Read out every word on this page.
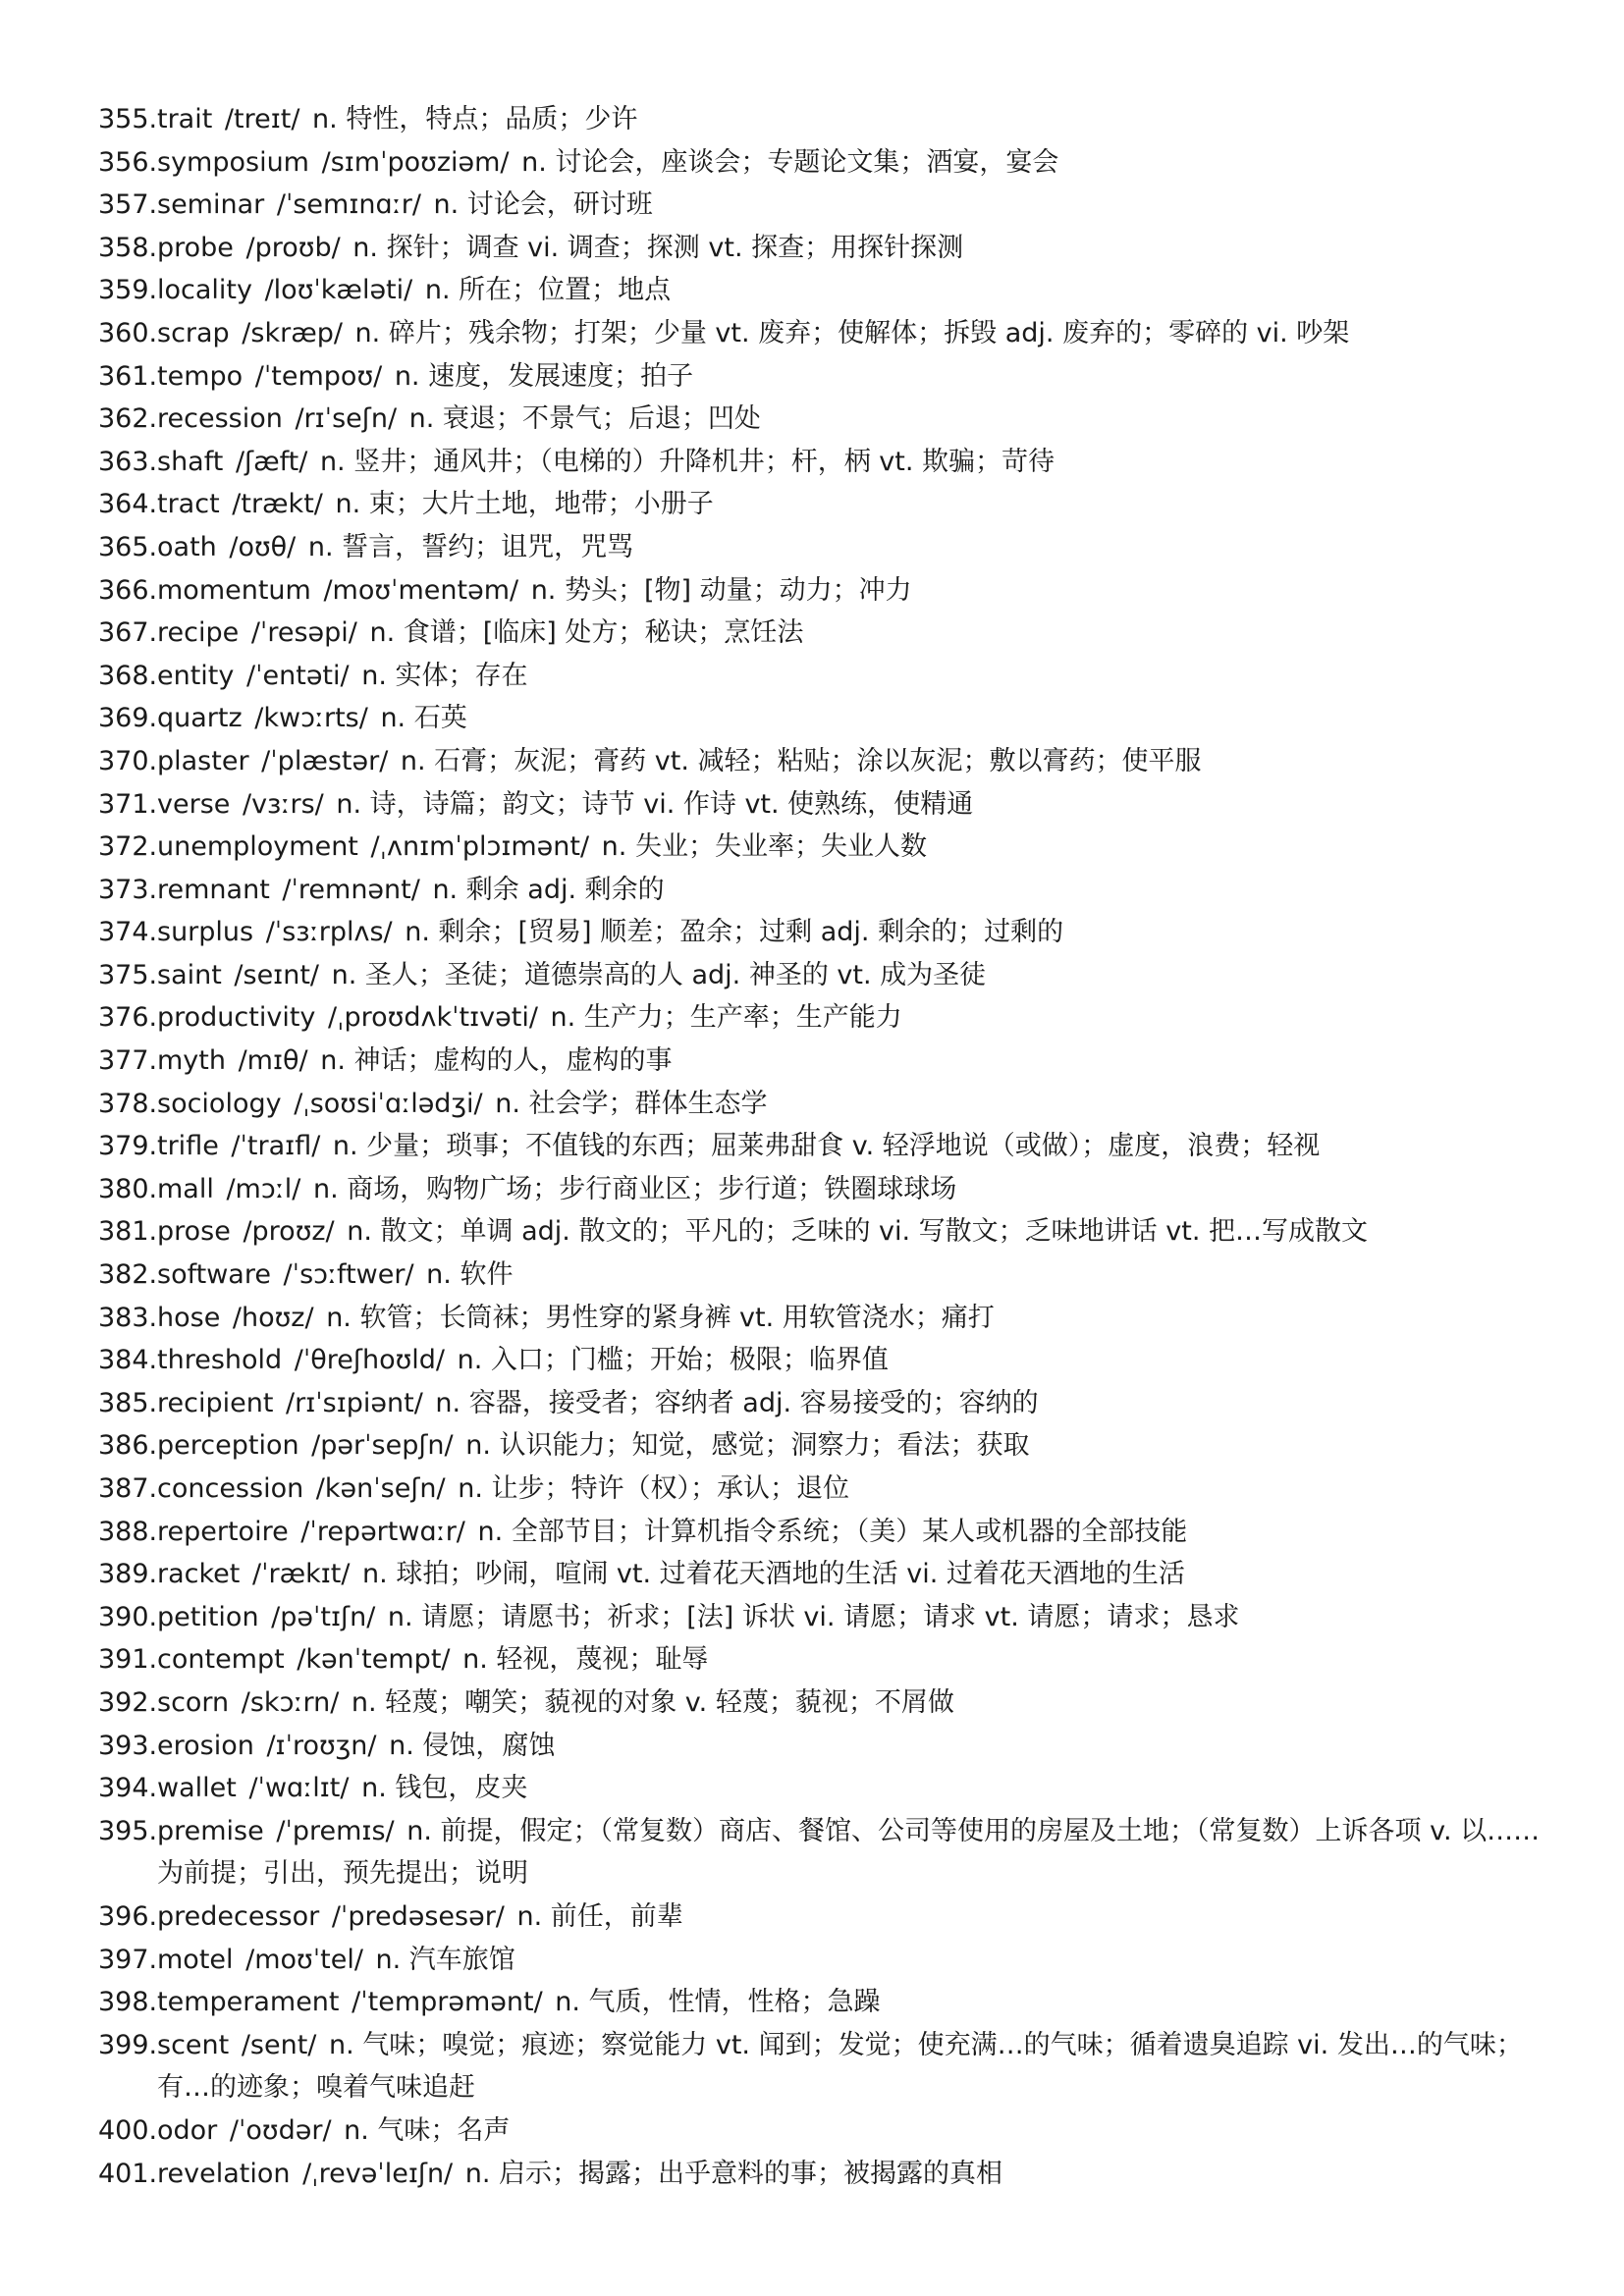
355. trait /treɪt/ n. 特性，特点；品质；少许
356. symposium /sɪmˈpoʊziəm/ n. 讨论会，座谈会；专题论文集；酒宴，宴会
357. seminar /ˈsemɪnɑːr/ n. 讨论会，研讨班
358. probe /proʊb/ n. 探针；调查 vi. 调查；探测 vt. 探查；用探针探测
359. locality /loʊˈkæləti/ n. 所在；位置；地点
360. scrap /skræp/ n. 碎片；残余物；打架；少量 vt. 废弃；使解体；拆毁 adj. 废弃的；零碎的 vi. 吵架
361. tempo /ˈtempoʊ/ n. 速度，发展速度；拍子
362. recession /rɪˈseʃn/ n. 衰退；不景气；后退；凹处
363. shaft /ʃæft/ n. 竖井；通风井；（电梯的）升降机井；杆，柄 vt. 欺骗；苛待
364. tract /trækt/ n. 束；大片土地，地带；小册子
365. oath /oʊθ/ n. 誓言，誓约；诅咒，咒骂
366. momentum /moʊˈmentəm/ n. 势头；[物] 动量；动力；冲力
367. recipe /ˈresəpi/ n. 食谱；[临床] 处方；秘诀；烹饪法
368. entity /ˈentəti/ n. 实体；存在
369. quartz /kwɔːrts/ n. 石英
370. plaster /ˈplæstər/ n. 石膏；灰泥；膏药 vt. 减轻；粘贴；涂以灰泥；敷以膏药；使平服
371. verse /vɜːrs/ n. 诗，诗篇；韵文；诗节 vi. 作诗 vt. 使熟练，使精通
372. unemployment /ˌʌnɪmˈplɔɪmənt/ n. 失业；失业率；失业人数
373. remnant /ˈremnənt/ n. 剩余 adj. 剩余的
374. surplus /ˈsɜːrplʌs/ n. 剩余；[贸易] 顺差；盈余；过剩 adj. 剩余的；过剩的
375. saint /seɪnt/ n. 圣人；圣徒；道德崇高的人 adj. 神圣的 vt. 成为圣徒
376. productivity /ˌproʊdʌkˈtɪvəti/ n. 生产力；生产率；生产能力
377. myth /mɪθ/ n. 神话；虚构的人，虚构的事
378. sociology /ˌsoʊsiˈɑːlədʒi/ n. 社会学；群体生态学
379. trifle /ˈtraɪfl/ n. 少量；琐事；不值钱的东西；屈莱弗甜食 v. 轻浮地说（或做）；虚度，浪费；轻视
380. mall /mɔːl/ n. 商场，购物广场；步行商业区；步行道；铁圈球球场
381. prose /proʊz/ n. 散文；单调 adj. 散文的；平凡的；乏味的 vi. 写散文；乏味地讲话 vt. 把…写成散文
382. software /ˈsɔːftwer/ n. 软件
383. hose /hoʊz/ n. 软管；长筒袜；男性穿的紧身裤 vt. 用软管浇水；痛打
384. threshold /ˈθreʃhoʊld/ n. 入口；门槛；开始；极限；临界值
385. recipient /rɪˈsɪpiənt/ n. 容器，接受者；容纳者 adj. 容易接受的；容纳的
386. perception /pərˈsepʃn/ n. 认识能力；知觉，感觉；洞察力；看法；获取
387. concession /kənˈseʃn/ n. 让步；特许（权）；承认；退位
388. repertoire /ˈrepərtwɑːr/ n. 全部节目；计算机指令系统；（美）某人或机器的全部技能
389. racket /ˈrækɪt/ n. 球拍；吵闹，喧闹 vt. 过着花天酒地的生活 vi. 过着花天酒地的生活
390. petition /pəˈtɪʃn/ n. 请愿；请愿书；祈求；[法] 诉状 vi. 请愿；请求 vt. 请愿；请求；恳求
391. contempt /kənˈtempt/ n. 轻视，蔑视；耻辱
392. scorn /skɔːrn/ n. 轻蔑；嘲笑；藐视的对象 v. 轻蔑；藐视；不屑做
393. erosion /ɪˈroʊʒn/ n. 侵蚀，腐蚀
394. wallet /ˈwɑːlɪt/ n. 钱包，皮夹
395. premise /ˈpremɪs/ n. 前提，假定；（常复数）商店、餐馆、公司等使用的房屋及土地；（常复数）上诉各项 v. 以……为前提；引出，预先提出；说明
396. predecessor /ˈpredəsesər/ n. 前任，前辈
397. motel /moʊˈtel/ n. 汽车旅馆
398. temperament /ˈtemprəmənt/ n. 气质，性情，性格；急躁
399. scent /sent/ n. 气味；嗅觉；痕迹；察觉能力 vt. 闻到；发觉；使充满…的气味；循着遗臭追踪 vi. 发出…的气味；有…的迹象；嗅着气味追赶
400. odor /ˈoʊdər/ n. 气味；名声
401. revelation /ˌrevəˈleɪʃn/ n. 启示；揭露；出乎意料的事；被揭露的真相
